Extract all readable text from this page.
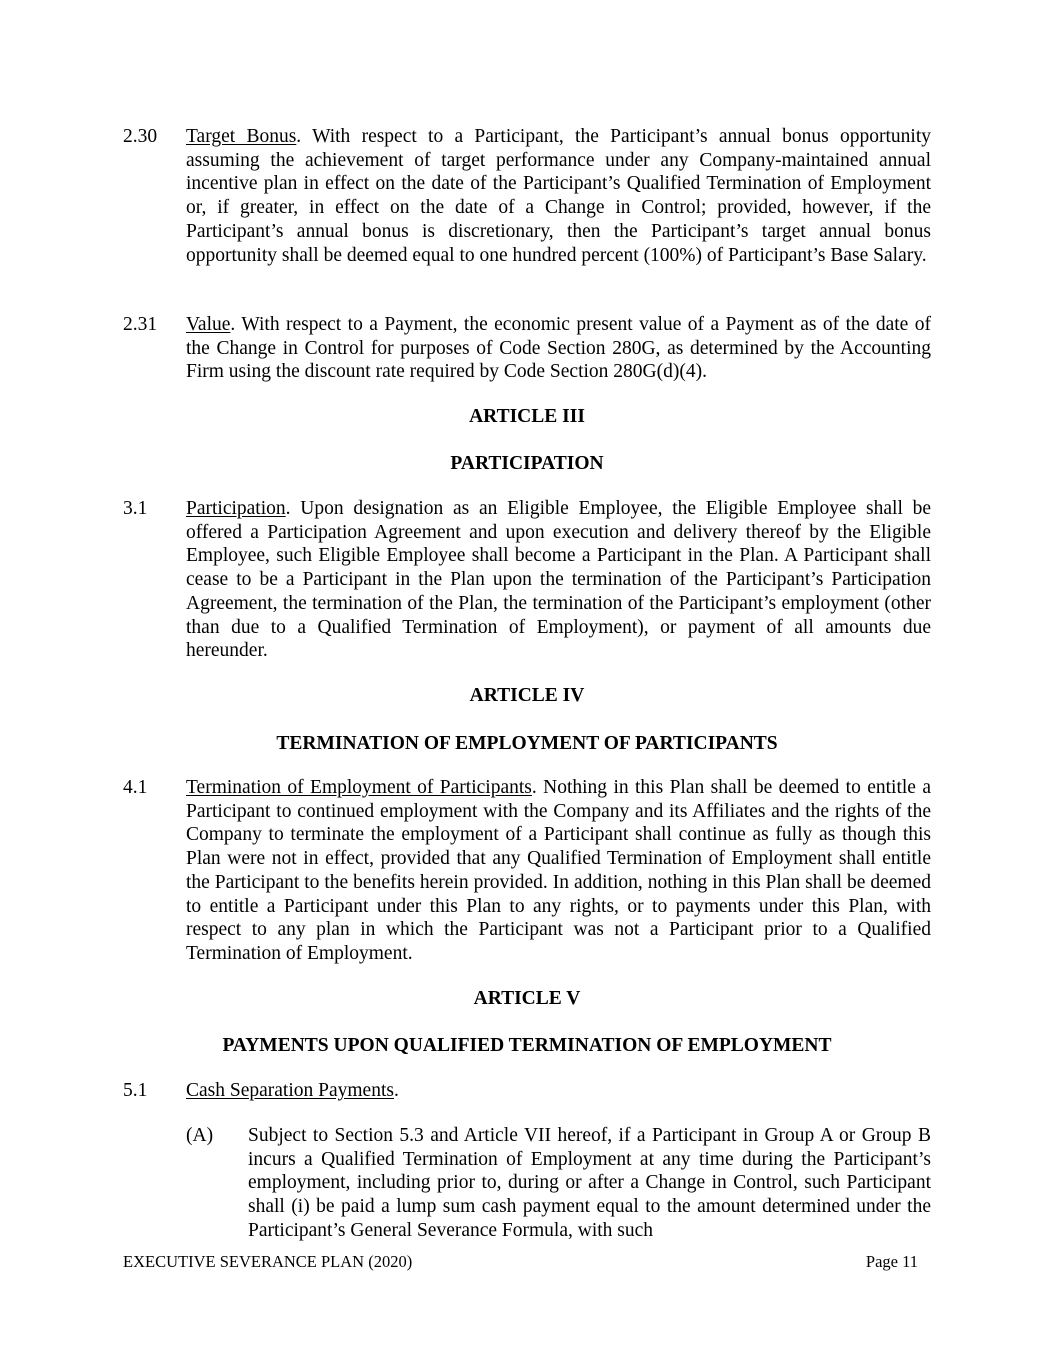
2.30	Target Bonus. With respect to a Participant, the Participant’s annual bonus opportunity assuming the achievement of target performance under any Company-maintained annual incentive plan in effect on the date of the Participant’s Qualified Termination of Employment or, if greater, in effect on the date of a Change in Control; provided, however, if the Participant’s annual bonus is discretionary, then the Participant’s target annual bonus opportunity shall be deemed equal to one hundred percent (100%) of Participant’s Base Salary.
2.31	Value. With respect to a Payment, the economic present value of a Payment as of the date of the Change in Control for purposes of Code Section 280G, as determined by the Accounting Firm using the discount rate required by Code Section 280G(d)(4).
ARTICLE III
PARTICIPATION
3.1	Participation. Upon designation as an Eligible Employee, the Eligible Employee shall be offered a Participation Agreement and upon execution and delivery thereof by the Eligible Employee, such Eligible Employee shall become a Participant in the Plan. A Participant shall cease to be a Participant in the Plan upon the termination of the Participant’s Participation Agreement, the termination of the Plan, the termination of the Participant’s employment (other than due to a Qualified Termination of Employment), or payment of all amounts due hereunder.
ARTICLE IV
TERMINATION OF EMPLOYMENT OF PARTICIPANTS
4.1	Termination of Employment of Participants. Nothing in this Plan shall be deemed to entitle a Participant to continued employment with the Company and its Affiliates and the rights of the Company to terminate the employment of a Participant shall continue as fully as though this Plan were not in effect, provided that any Qualified Termination of Employment shall entitle the Participant to the benefits herein provided. In addition, nothing in this Plan shall be deemed to entitle a Participant under this Plan to any rights, or to payments under this Plan, with respect to any plan in which the Participant was not a Participant prior to a Qualified Termination of Employment.
ARTICLE V
PAYMENTS UPON QUALIFIED TERMINATION OF EMPLOYMENT
5.1	Cash Separation Payments.
(A)	Subject to Section 5.3 and Article VII hereof, if a Participant in Group A or Group B incurs a Qualified Termination of Employment at any time during the Participant’s employment, including prior to, during or after a Change in Control, such Participant shall (i) be paid a lump sum cash payment equal to the amount determined under the Participant’s General Severance Formula, with such
EXECUTIVE SEVERANCE PLAN (2020)	Page 11
